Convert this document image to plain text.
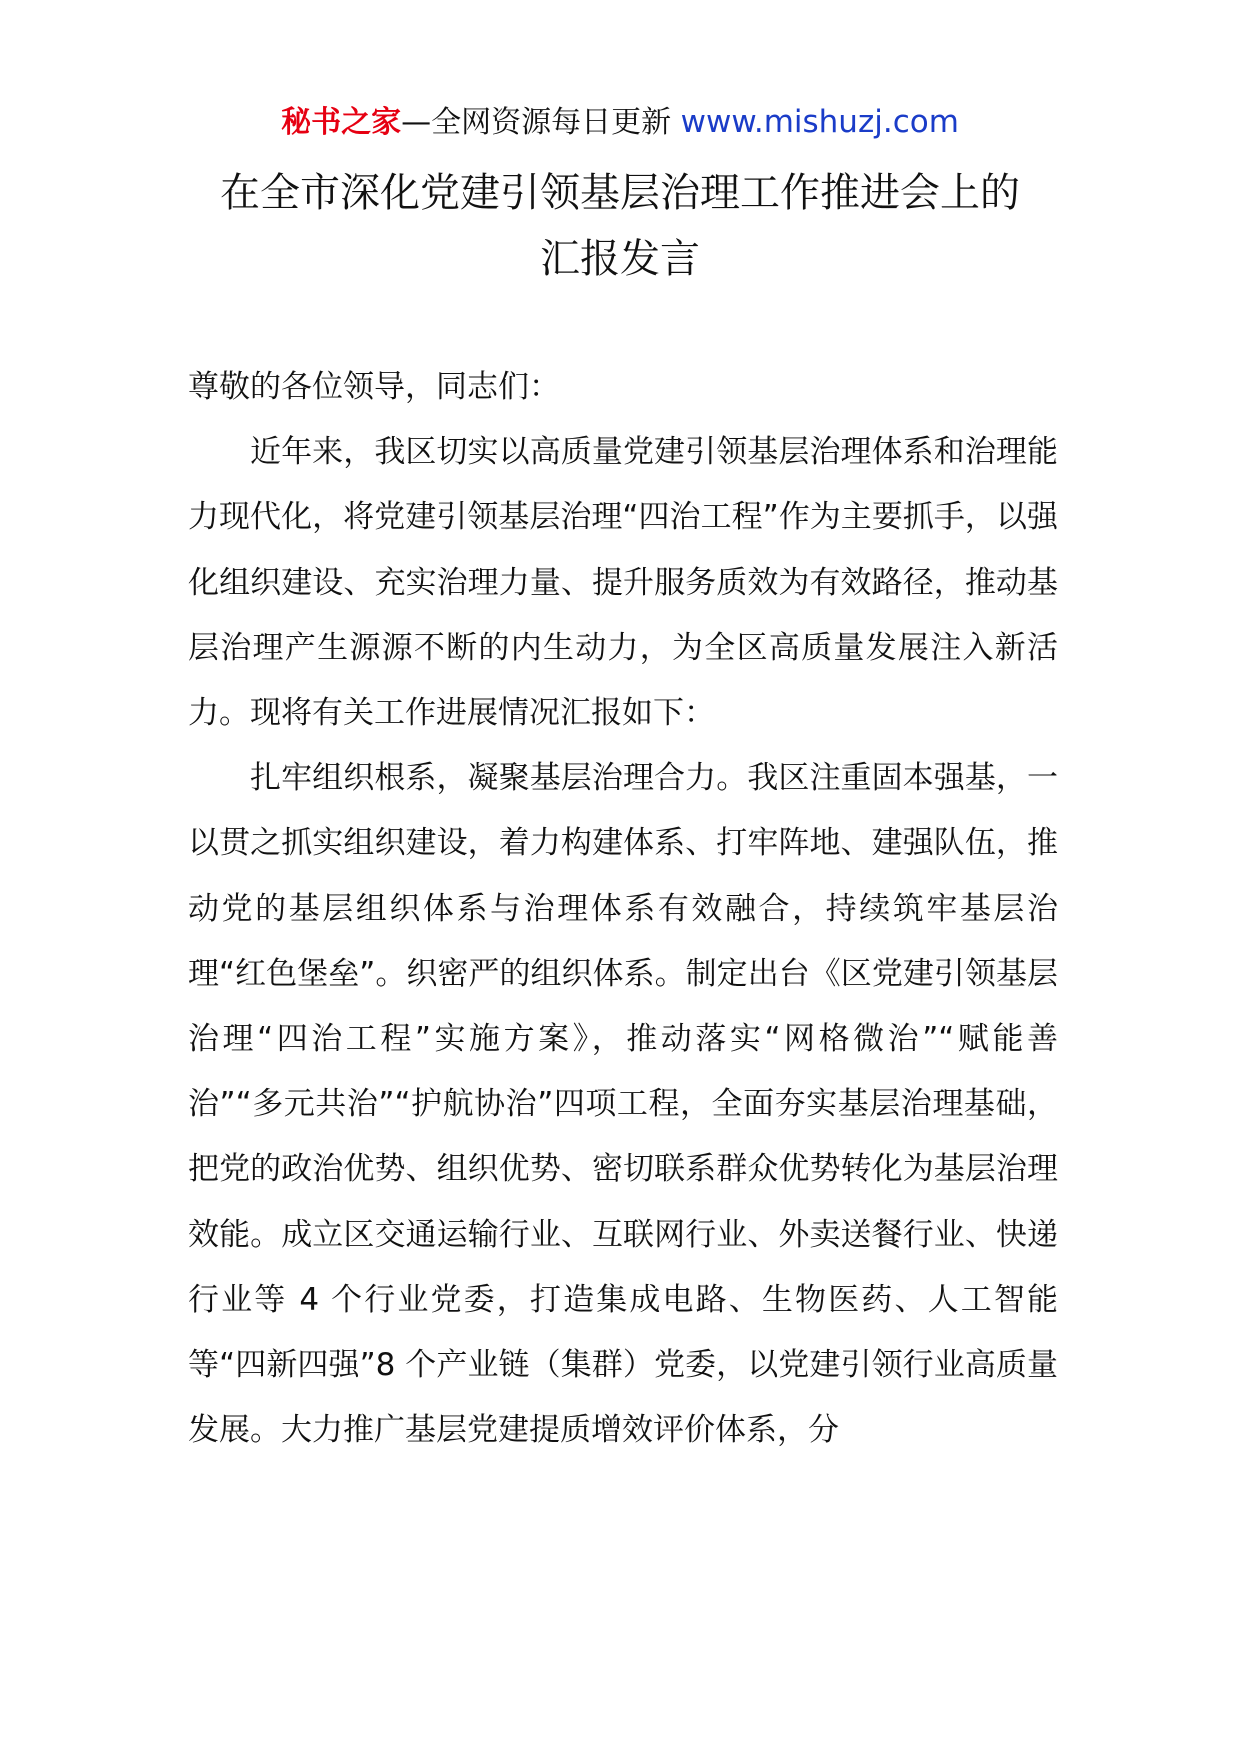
秘书之家—全网资源每日更新 www.mishuzj.com
在全市深化党建引领基层治理工作推进会上的
汇报发言

尊敬的各位领导，同志们：

近年来，我区切实以高质量党建引领基层治理体系和治理能力现代化，将党建引领基层治理“四治工程”作为主要抓手，以强化组织建设、充实治理力量、提升服务质效为有效路径，推动基层治理产生源源不断的内生动力，为全区高质量发展注入新活力。现将有关工作进展情况汇报如下：

扎牢组织根系，凝聚基层治理合力。我区注重固本强基，一以贯之抓实组织建设，着力构建体系、打牢阵地、建强队伍，推动党的基层组织体系与治理体系有效融合，持续筑牢基层治理“红色堡垒”。织密严的组织体系。制定出台《区党建引领基层治理“四治工程”实施方案》，推动落实“网格微治”“赋能善治”“多元共治”“护航协治”四项工程，全面夯实基层治理基础，把党的政治优势、组织优势、密切联系群众优势转化为基层治理效能。成立区交通运输行业、互联网行业、外卖送餐行业、快递行业等 4 个行业党委，打造集成电路、生物医药、人工智能等“四新四强”8 个产业链（集群）党委，以党建引领行业高质量发展。大力推广基层党建提质增效评价体系，分
